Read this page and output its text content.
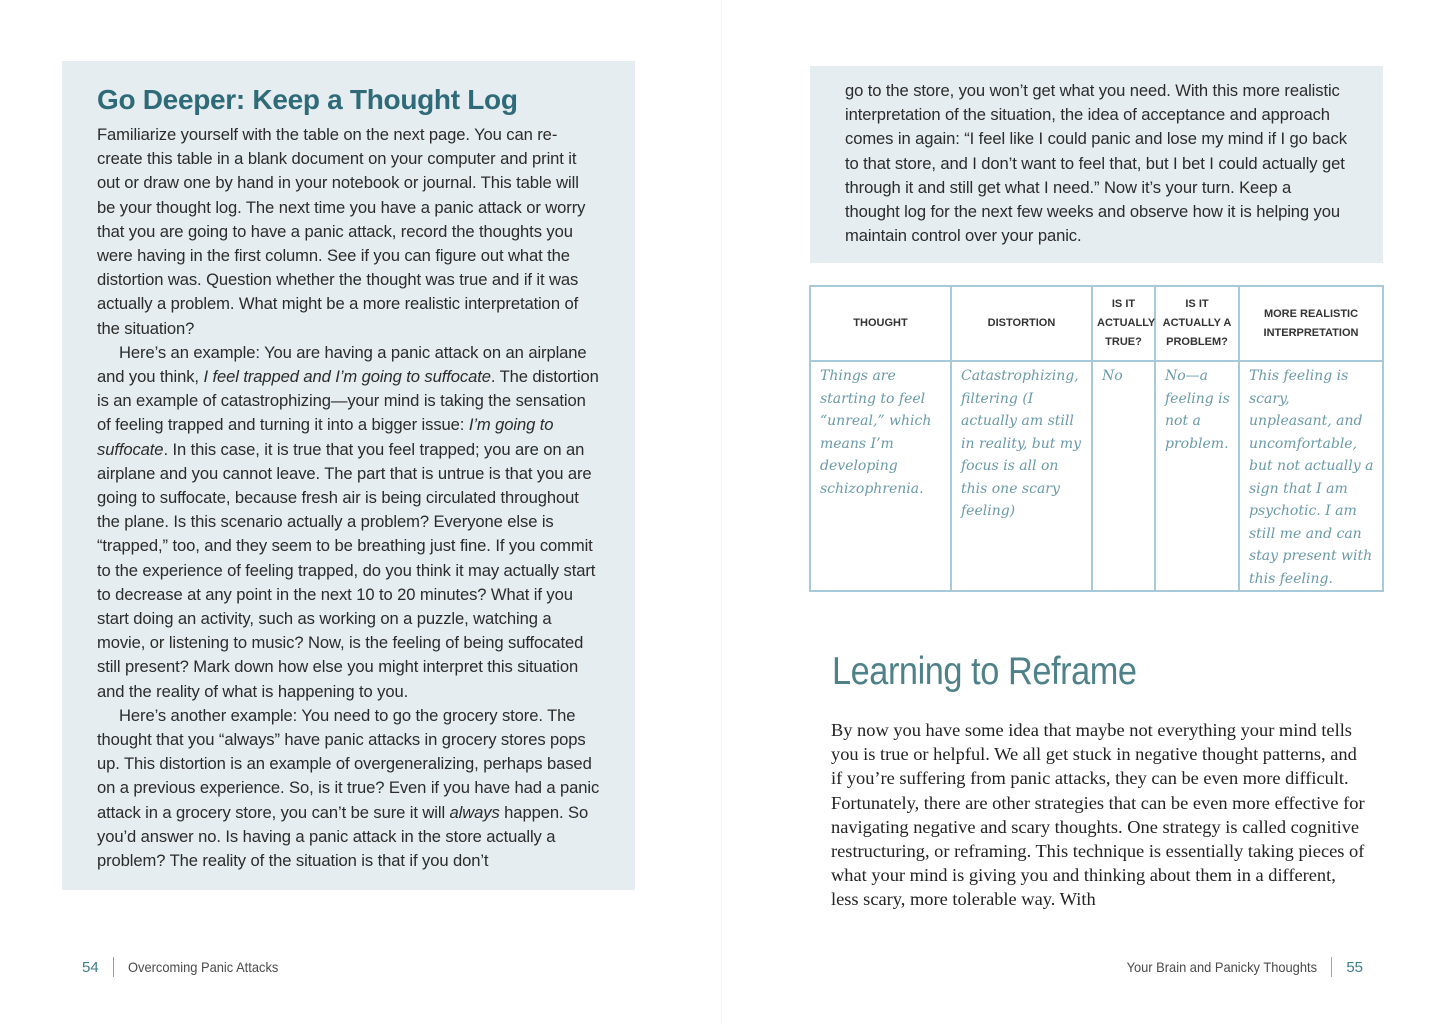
Go Deeper: Keep a Thought Log

Familiarize yourself with the table on the next page. You can re-create this table in a blank document on your computer and print it out or draw one by hand in your notebook or journal. This table will be your thought log. The next time you have a panic attack or worry that you are going to have a panic attack, record the thoughts you were having in the first column. See if you can figure out what the distortion was. Question whether the thought was true and if it was actually a problem. What might be a more realistic interpretation of the situation?

Here’s an example: You are having a panic attack on an airplane and you think, I feel trapped and I’m going to suffocate. The distortion is an example of catastrophizing—your mind is taking the sensation of feeling trapped and turning it into a bigger issue: I’m going to suffocate. In this case, it is true that you feel trapped; you are on an airplane and you cannot leave. The part that is untrue is that you are going to suffocate, because fresh air is being circulated throughout the plane. Is this scenario actually a problem? Everyone else is “trapped,” too, and they seem to be breathing just fine. If you commit to the experience of feeling trapped, do you think it may actually start to decrease at any point in the next 10 to 20 minutes? What if you start doing an activity, such as working on a puzzle, watching a movie, or listening to music? Now, is the feeling of being suffocated still present? Mark down how else you might interpret this situation and the reality of what is happening to you.

Here’s another example: You need to go the grocery store. The thought that you “always” have panic attacks in grocery stores pops up. This distortion is an example of overgeneralizing, perhaps based on a previous experience. So, is it true? Even if you have had a panic attack in a grocery store, you can’t be sure it will always happen. So you’d answer no. Is having a panic attack in the store actually a problem? The reality of the situation is that if you don’t

54 Overcoming Panic Attacks

go to the store, you won’t get what you need. With this more realistic interpretation of the situation, the idea of acceptance and approach comes in again: “I feel like I could panic and lose my mind if I go back to that store, and I don’t want to feel that, but I bet I could actually get through it and still get what I need.” Now it’s your turn. Keep a thought log for the next few weeks and observe how it is helping you maintain control over your panic.

THOUGHT	DISTORTION	IS IT ACTUALLY TRUE?	IS IT ACTUALLY A PROBLEM?	MORE REALISTIC INTERPRETATION
Things are starting to feel “unreal,” which means I’m developing schizophrenia.	Catastrophizing, filtering (I actually am still in reality, but my focus is all on this one scary feeling)	No	No—a feeling is not a problem.	This feeling is scary, unpleasant, and uncomfortable, but not actually a sign that I am psychotic. I am still me and can stay present with this feeling.
Learning to Reframe

By now you have some idea that maybe not everything your mind tells you is true or helpful. We all get stuck in negative thought patterns, and if you’re suffering from panic attacks, they can be even more difficult. Fortunately, there are other strategies that can be even more effective for navigating negative and scary thoughts. One strategy is called cognitive restructuring, or reframing. This technique is essentially taking pieces of what your mind is giving you and thinking about them in a different, less scary, more tolerable way. With

Your Brain and Panicky Thoughts 55
